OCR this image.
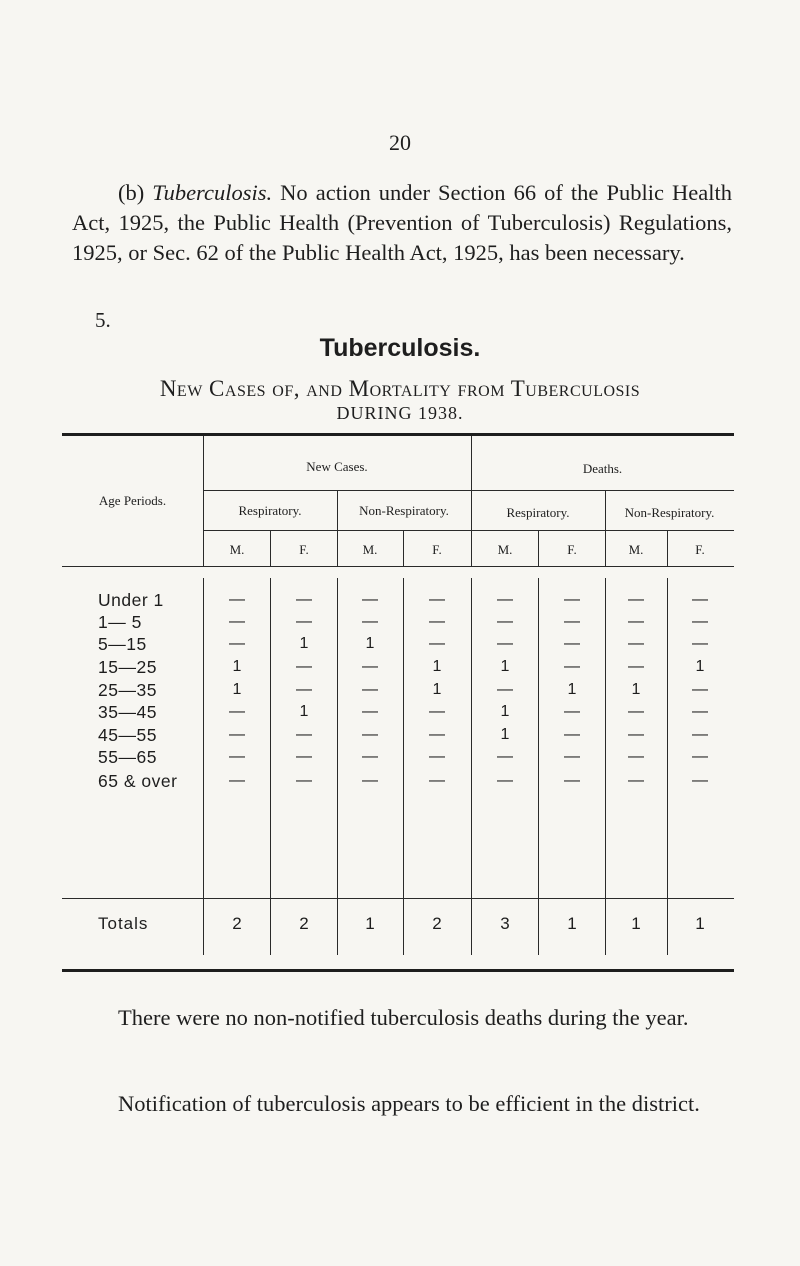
20
(b) Tuberculosis. No action under Section 66 of the Public Health Act, 1925, the Public Health (Prevention of Tuberculosis) Regulations, 1925, or Sec. 62 of the Public Health Act, 1925, has been necessary.
5.
Tuberculosis.
New Cases of, and Mortality from Tuberculosis
DURING 1938.
Age Periods.
New Cases.	Deaths.
Respiratory.	Non-Respiratory.	Respiratory.	Non-Respiratory.
M.	F.	M.	F.	M.	F.	M.	F.
Under 1	—	—	—	—	—	—	—	—
1— 5	—	—	—	—	—	—	—	—
5—15	—	1	1	—	—	—	—	—
15—25	1	—	—	1	1	—	—	1
25—35	1	—	—	1	—	1	1	—
35—45	—	1	—	—	1	—	—	—
45—55	—	—	—	—	1	—	—	—
55—65	—	—	—	—	—	—	—	—
65 & over	—	—	—	—	—	—	—	—
Totals	2	2	1	2	3	1	1	1
There were no non-notified tuberculosis deaths during the year.
Notification of tuberculosis appears to be efficient in the district.
